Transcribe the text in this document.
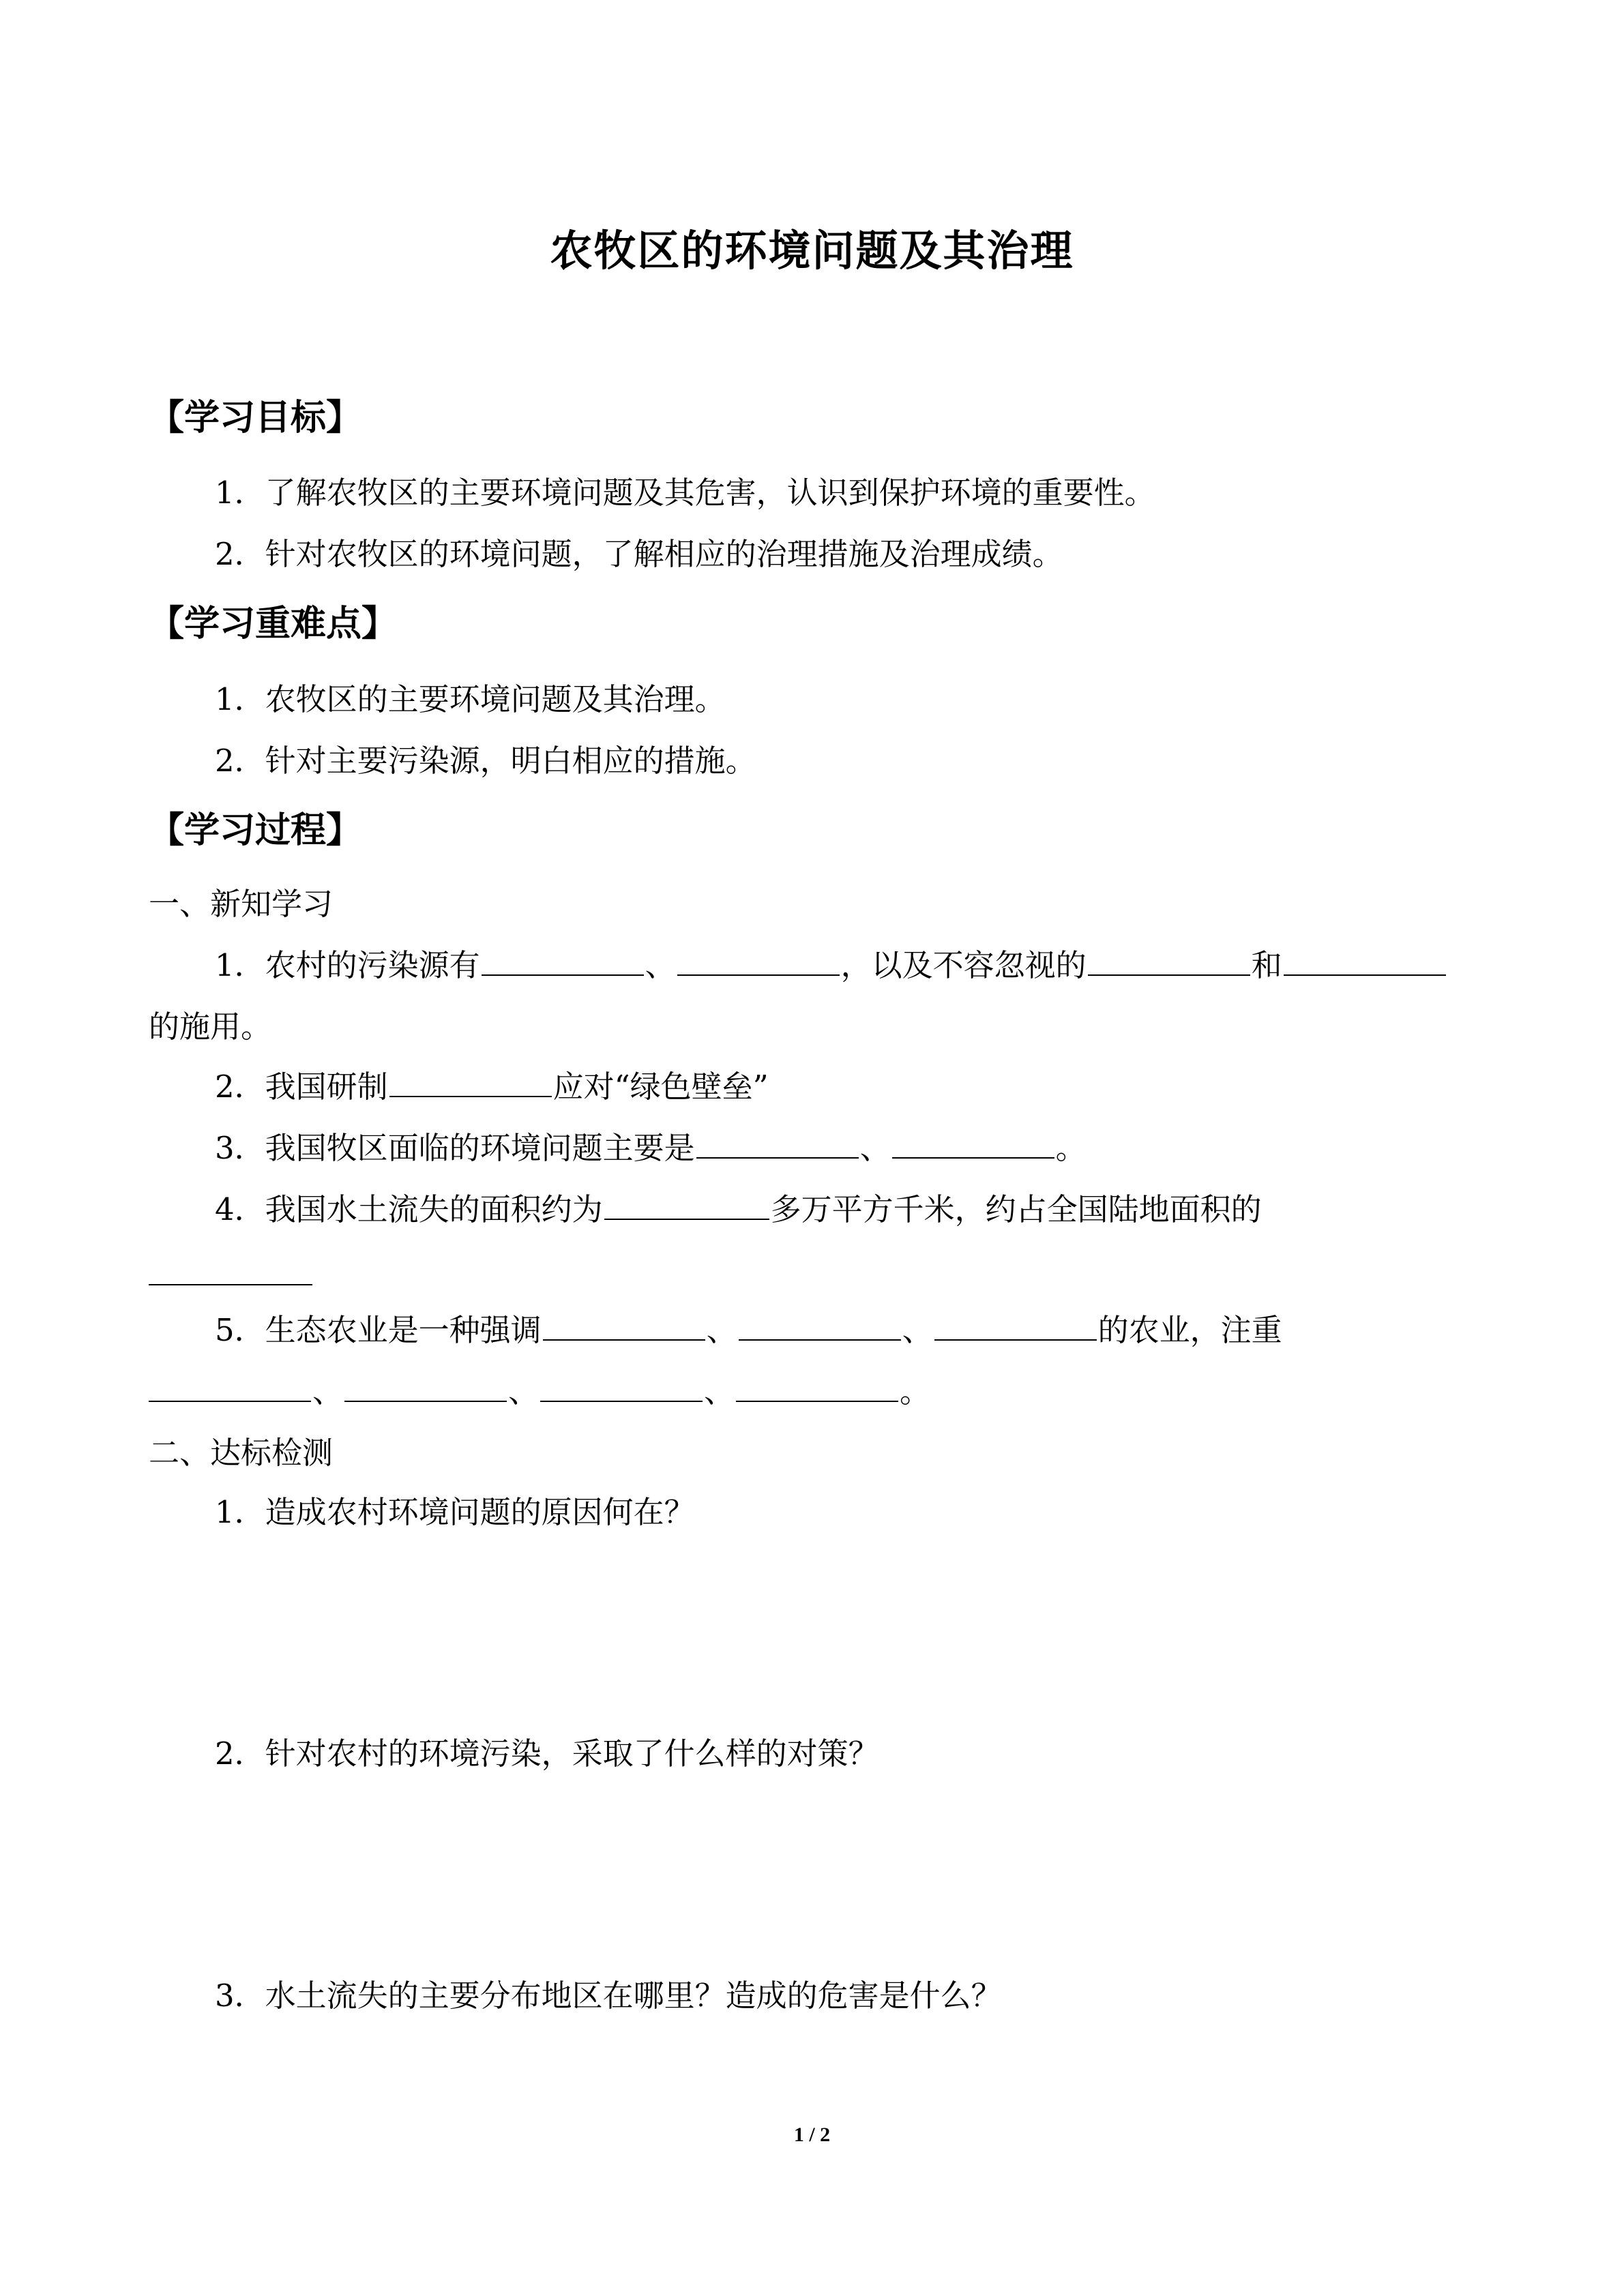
农牧区的环境问题及其治理
【学习目标】
1．了解农牧区的主要环境问题及其危害，认识到保护环境的重要性。
2．针对农牧区的环境问题，了解相应的治理措施及治理成绩。
【学习重难点】
1．农牧区的主要环境问题及其治理。
2．针对主要污染源，明白相应的措施。
【学习过程】
一、新知学习
1．农村的污染源有	、	，以及不容忽视的	和
的施用。
2．我国研制	应对“绿色壁垒”
3．我国牧区面临的环境问题主要是	、	。
4．我国水土流失的面积约为	多万平方千米，约占全国陆地面积的
5．生态农业是一种强调	、	、	的农业，注重
、	、	、	。
二、达标检测
1．造成农村环境问题的原因何在？
2．针对农村的环境污染，采取了什么样的对策？
3．水土流失的主要分布地区在哪里？造成的危害是什么？
1 / 2
